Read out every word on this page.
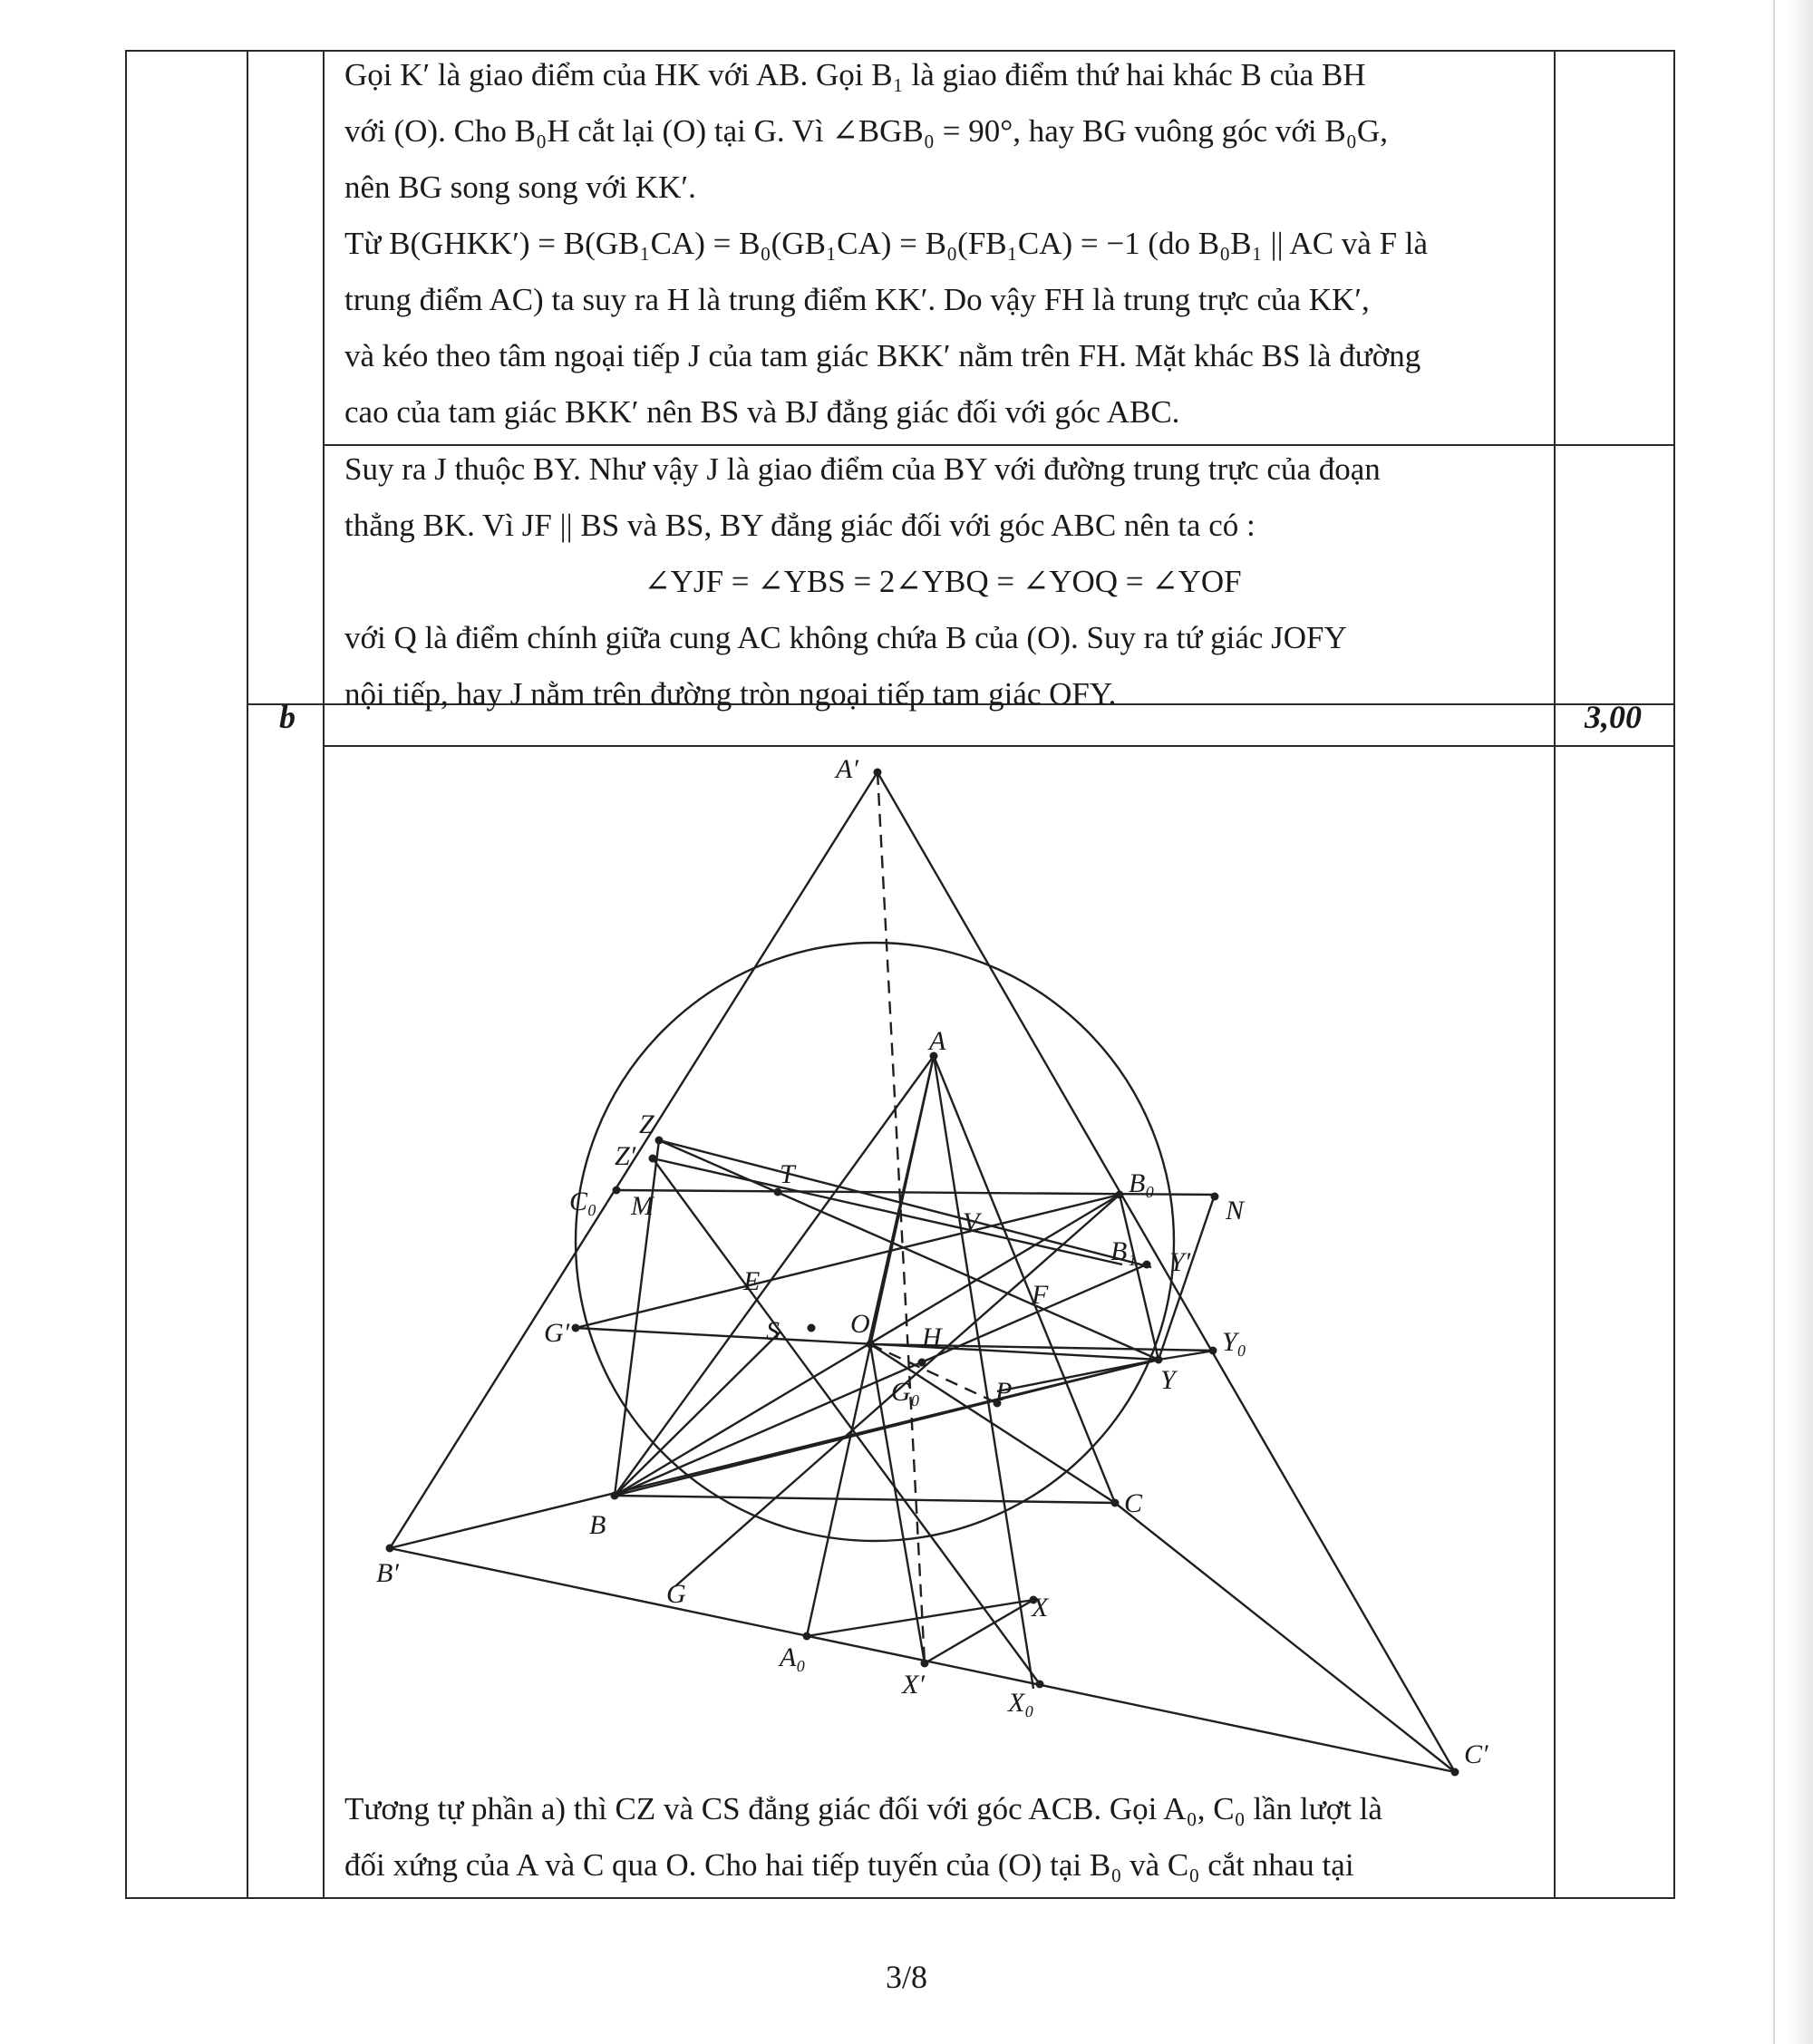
Gọi K′ là giao điểm của HK với AB. Gọi B₁ là giao điểm thứ hai khác B của BH

với (O). Cho B₀H cắt lại (O) tại G. Vì ∠BGB₀ = 90°, hay BG vuông góc với B₀G,

nên BG song song với KK′.

Từ B(GHKK′) = B(GB₁CA) = B₀(GB₁CA) = B₀(FB₁CA) = −1 (do B₀B₁ || AC và F là

trung điểm AC) ta suy ra H là trung điểm KK′. Do vậy FH là trung trực của KK′,

và kéo theo tâm ngoại tiếp J của tam giác BKK′ nằm trên FH. Mặt khác BS là đường

cao của tam giác BKK′ nên BS và BJ đẳng giác đối với góc ABC.

Suy ra J thuộc BY. Như vậy J là giao điểm của BY với đường trung trực của đoạn

thẳng BK. Vì JF || BS và BS, BY đẳng giác đối với góc ABC nên ta có :

∠YJF = ∠YBS = 2∠YBQ = ∠YOQ = ∠YOF

với Q là điểm chính giữa cung AC không chứa B của (O). Suy ra tứ giác JOFY

nội tiếp, hay J nằm trên đường tròn ngoại tiếp tam giác OFY.

b	3,00
A′
A
Z
Z′
C₀ M
T	B₀
N
V
B₁ Y′
E	F
G′	S	O H	Y₀
Y
G₀	P
C
B
B′
G	X
A₀
X′
X₀
C′

Tương tự phần a) thì CZ và CS đẳng giác đối với góc ACB. Gọi A₀, C₀ lần lượt là

đối xứng của A và C qua O. Cho hai tiếp tuyến của (O) tại B₀ và C₀ cắt nhau tại

3/8
